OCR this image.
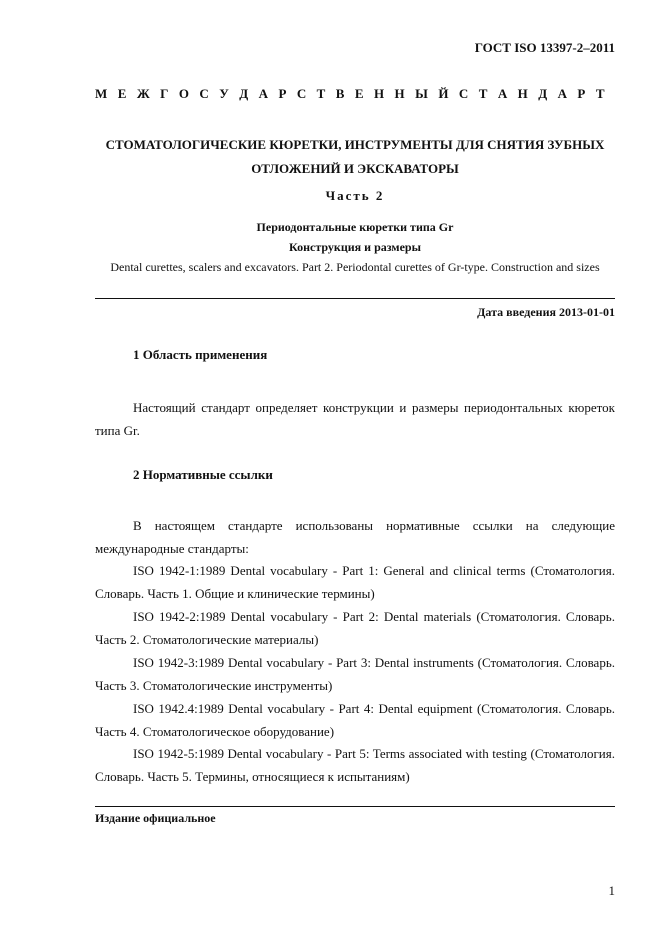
ГОСТ ISO 13397-2–2011
М Е Ж Г О С У Д А Р С Т В Е Н Н Ы Й С Т А Н Д А Р Т
СТОМАТОЛОГИЧЕСКИЕ КЮРЕТКИ, ИНСТРУМЕНТЫ ДЛЯ СНЯТИЯ ЗУБНЫХ
ОТЛОЖЕНИЙ И ЭКСКАВАТОРЫ
Часть 2
Периодонтальные кюретки типа Gr
Конструкция и размеры
Dental curettes, scalers and excavators. Part 2. Periodontal curettes of Gr-type. Construction and sizes
Дата введения 2013-01-01
1 Область применения
Настоящий стандарт определяет конструкции и размеры периодонтальных кюреток типа Gr.
2 Нормативные ссылки
В настоящем стандарте использованы нормативные ссылки на следующие международные стандарты:
ISO 1942-1:1989 Dental vocabulary - Part 1: General and clinical terms (Стоматология. Словарь. Часть 1. Общие и клинические термины)
ISO 1942-2:1989 Dental vocabulary - Part 2: Dental materials (Стоматология. Словарь. Часть 2. Стоматологические материалы)
ISO 1942-3:1989 Dental vocabulary - Part 3: Dental instruments (Стоматология. Словарь. Часть 3. Стоматологические инструменты)
ISO 1942.4:1989 Dental vocabulary - Part 4: Dental equipment (Стоматология. Словарь. Часть 4. Стоматологическое оборудование)
ISO 1942-5:1989 Dental vocabulary - Part 5: Terms associated with testing (Стоматология. Словарь. Часть 5. Термины, относящиеся к испытаниям)
Издание официальное
1
